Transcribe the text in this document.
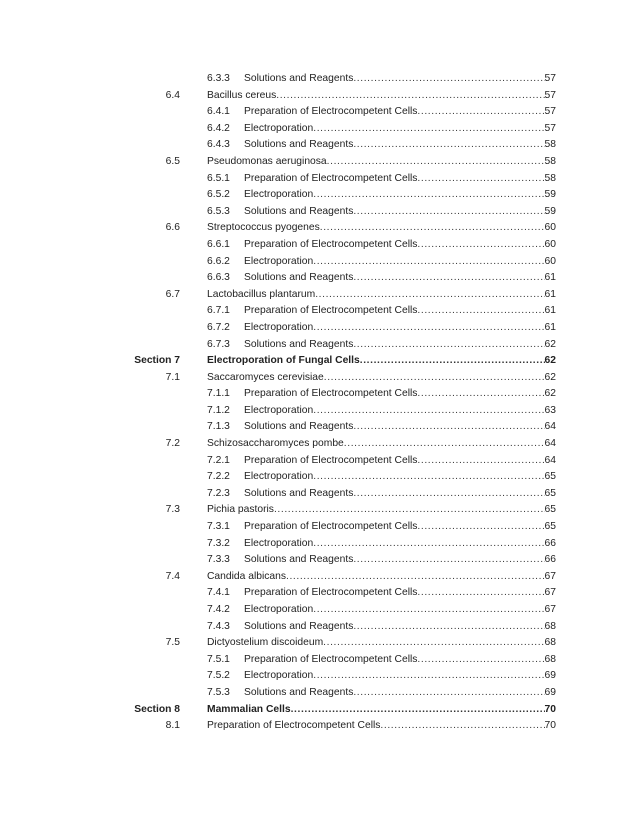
6.3.3 Solutions and Reagents .....	57
6.4	Bacillus cereus .....	57
6.4.1 Preparation of Electrocompetent Cells .....	57
6.4.2 Electroporation .....	57
6.4.3 Solutions and Reagents .....	58
6.5	Pseudomonas aeruginosa .....	58
6.5.1 Preparation of Electrocompetent Cells .....	58
6.5.2 Electroporation .....	59
6.5.3 Solutions and Reagents .....	59
6.6	Streptococcus pyogenes .....	60
6.6.1 Preparation of Electrocompetent Cells .....	60
6.6.2 Electroporation .....	60
6.6.3 Solutions and Reagents .....	61
6.7	Lactobacillus plantarum .....	61
6.7.1 Preparation of Electrocompetent Cells .....	61
6.7.2 Electroporation .....	61
6.7.3 Solutions and Reagents .....	62
Section 7	Electroporation of Fungal Cells .....	62
7.1	Saccaromyces cerevisiae .....	62
7.1.1 Preparation of Electrocompetent Cells .....	62
7.1.2 Electroporation .....	63
7.1.3 Solutions and Reagents .....	64
7.2	Schizosaccharomyces pombe .....	64
7.2.1 Preparation of Electrocompetent Cells .....	64
7.2.2 Electroporation .....	65
7.2.3 Solutions and Reagents .....	65
7.3	Pichia pastoris .....	65
7.3.1 Preparation of Electrocompetent Cells .....	65
7.3.2 Electroporation .....	66
7.3.3 Solutions and Reagents .....	66
7.4	Candida albicans .....	67
7.4.1 Preparation of Electrocompetent Cells .....	67
7.4.2 Electroporation .....	67
7.4.3 Solutions and Reagents .....	68
7.5	Dictyostelium discoideum .....	68
7.5.1 Preparation of Electrocompetent Cells .....	68
7.5.2 Electroporation .....	69
7.5.3 Solutions and Reagents .....	69
Section 8	Mammalian Cells .....	70
8.1	Preparation of Electrocompetent Cells .....	70
